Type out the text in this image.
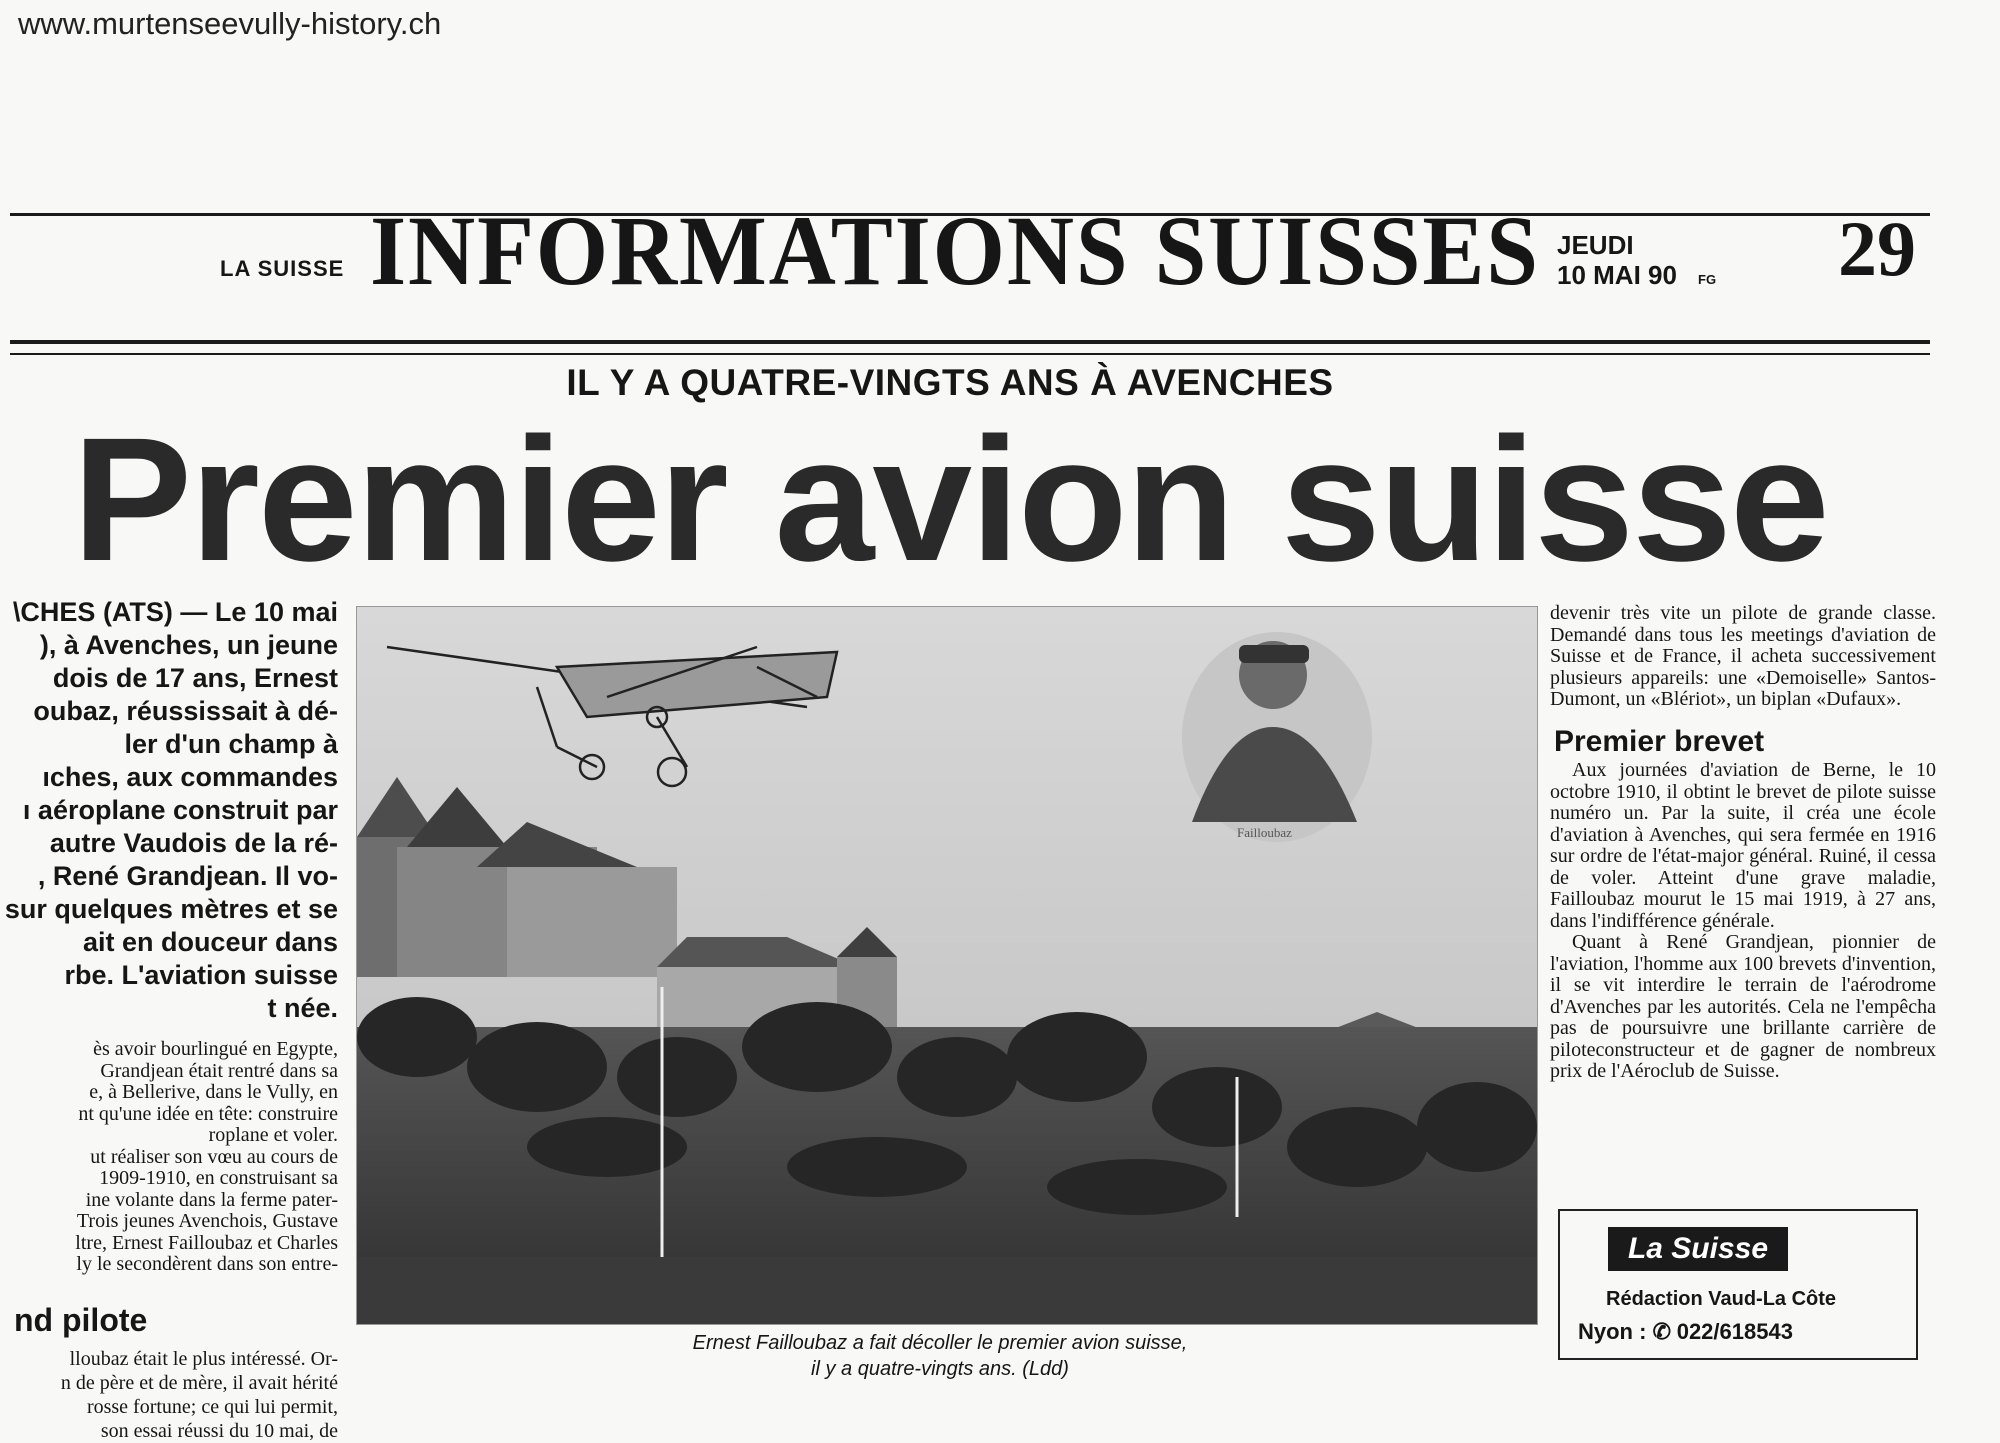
www.murtenseevully-history.ch
LA SUISSE INFORMATIONS SUISSES JEUDI
10 MAI 90 FG 29
IL Y A QUATRE-VINGTS ANS À AVENCHES
Premier avion suisse
\CHES (ATS) — Le 10 mai
), à Avenches, un jeune
dois de 17 ans, Ernest
oubaz, réussissait à dé-
ler d'un champ à
ıches, aux commandes
ı aéroplane construit par
autre Vaudois de la ré-
, René Grandjean. Il vo-
sur quelques mètres et se
ait en douceur dans
rbe. L'aviation suisse
t née.
ès avoir bourlingué en Egypte,
Grandjean était rentré dans sa
e, à Bellerive, dans le Vully, en
nt qu'une idée en tête: construire
roplane et voler.
ut réaliser son vœu au cours de
1909-1910, en construisant sa
ine volante dans la ferme pater-
Trois jeunes Avenchois, Gustave
ltre, Ernest Failloubaz et Charles
ly le secondèrent dans son entre-
nd pilote
lloubaz était le plus intéressé. Or-
n de père et de mère, il avait hérité
rosse fortune; ce qui lui permit,
son essai réussi du 10 mai, de
Failloubaz
Ernest Failloubaz a fait décoller le premier avion suisse,
il y a quatre-vingts ans. (Ldd)

devenir très vite un pilote de grande classe. Demandé dans tous les meetings d'aviation de Suisse et de France, il acheta successivement plusieurs appareils: une «Demoiselle» Santos-Dumont, un «Blériot», un biplan «Dufaux».

Premier brevet

Aux journées d'aviation de Berne, le 10 octobre 1910, il obtint le brevet de pilote suisse numéro un. Par la suite, il créa une école d'aviation à Avenches, qui sera fermée en 1916 sur ordre de l'état-major général. Ruiné, il cessa de voler. Atteint d'une grave maladie, Failloubaz mourut le 15 mai 1919, à 27 ans, dans l'indifférence générale.

Quant à René Grandjean, pionnier de l'aviation, l'homme aux 100 brevets d'invention, il se vit interdire le terrain de l'aérodrome d'Avenches par les autorités. Cela ne l'empêcha pas de poursuivre une brillante carrière de piloteconstructeur et de gagner de nombreux prix de l'Aéroclub de Suisse.

La Suisse
Rédaction Vaud-La Côte
Nyon : ✆ 022/618543
